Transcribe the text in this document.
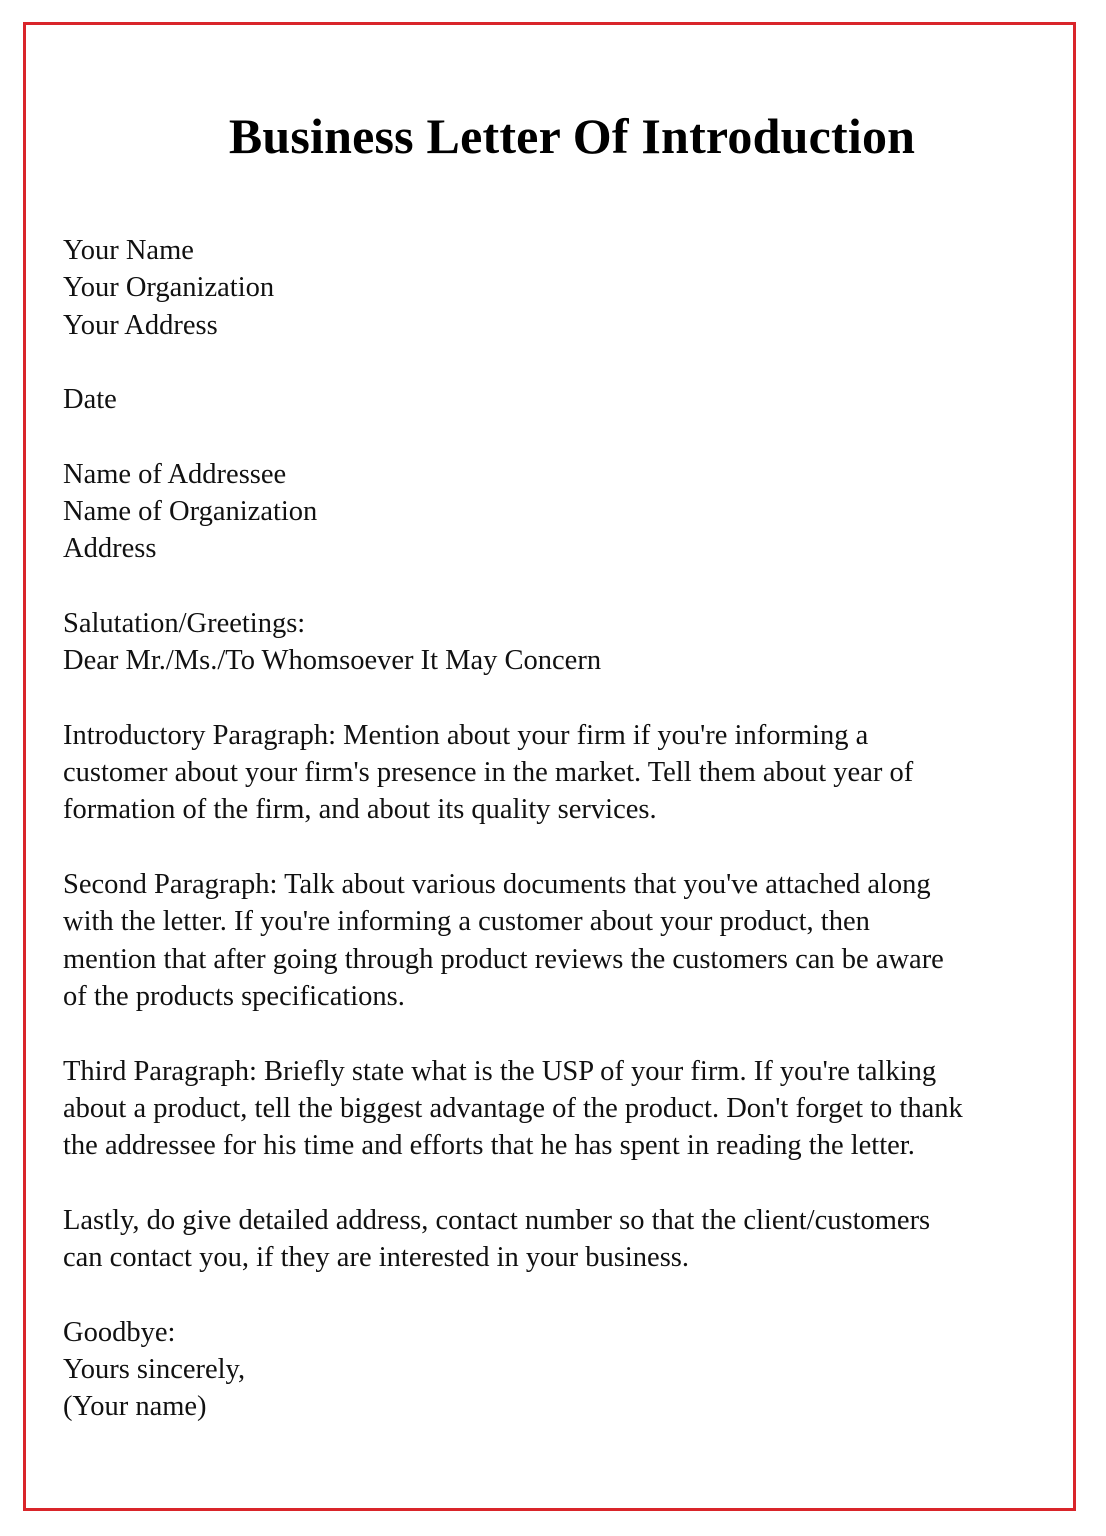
Business Letter Of Introduction
Your Name
Your Organization
Your Address
Date
Name of Addressee
Name of Organization
Address
Salutation/Greetings:
Dear Mr./Ms./To Whomsoever It May Concern
Introductory Paragraph: Mention about your firm if you're informing a
customer about your firm's presence in the market. Tell them about year of
formation of the firm, and about its quality services.
Second Paragraph: Talk about various documents that you've attached along
with the letter. If you're informing a customer about your product, then
mention that after going through product reviews the customers can be aware
of the products specifications.
Third Paragraph: Briefly state what is the USP of your firm. If you're talking
about a product, tell the biggest advantage of the product. Don't forget to thank
the addressee for his time and efforts that he has spent in reading the letter.
Lastly, do give detailed address, contact number so that the client/customers
can contact you, if they are interested in your business.
Goodbye:
Yours sincerely,
(Your name)
